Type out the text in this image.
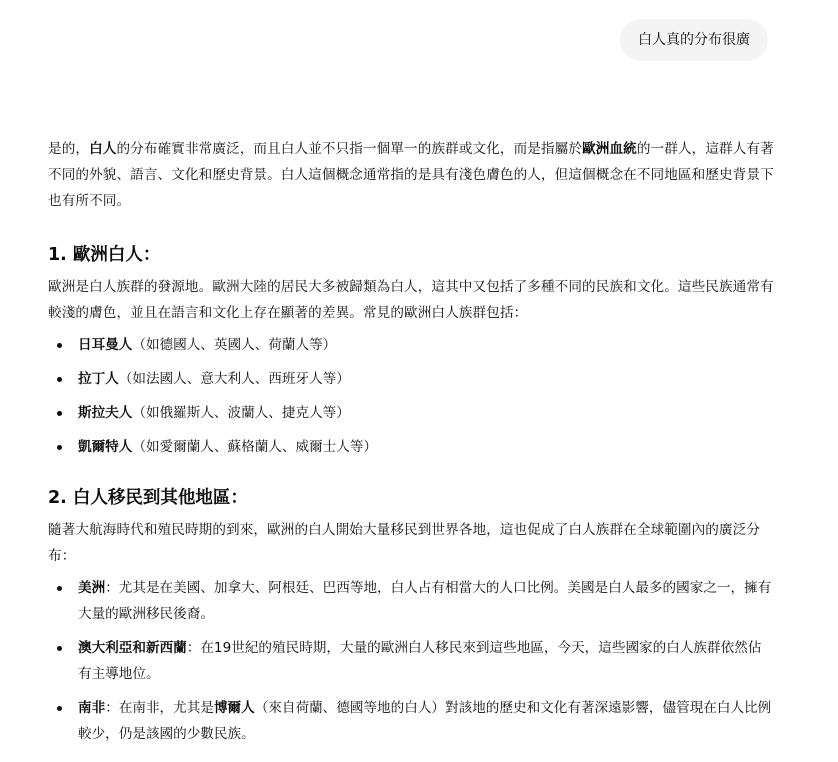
白人真的分布很廣

是的，白人的分布確實非常廣泛，而且白人並不只指一個單一的族群或文化，而是指屬於歐洲血統的一群人，這群人有著不同的外貌、語言、文化和歷史背景。白人這個概念通常指的是具有淺色膚色的人，但這個概念在不同地區和歷史背景下也有所不同。

1. 歐洲白人：

歐洲是白人族群的發源地。歐洲大陸的居民大多被歸類為白人，這其中又包括了多種不同的民族和文化。這些民族通常有較淺的膚色，並且在語言和文化上存在顯著的差異。常見的歐洲白人族群包括：

日耳曼人（如德國人、英國人、荷蘭人等）
拉丁人（如法國人、意大利人、西班牙人等）
斯拉夫人（如俄羅斯人、波蘭人、捷克人等）
凱爾特人（如愛爾蘭人、蘇格蘭人、威爾士人等）
2. 白人移民到其他地區：

隨著大航海時代和殖民時期的到來，歐洲的白人開始大量移民到世界各地，這也促成了白人族群在全球範圍內的廣泛分布：

美洲：尤其是在美國、加拿大、阿根廷、巴西等地，白人占有相當大的人口比例。美國是白人最多的國家之一，擁有大量的歐洲移民後裔。
澳大利亞和新西蘭：在19世紀的殖民時期，大量的歐洲白人移民來到這些地區，今天，這些國家的白人族群依然佔有主導地位。
南非：在南非，尤其是博爾人（來自荷蘭、德國等地的白人）對該地的歷史和文化有著深遠影響，儘管現在白人比例較少，仍是該國的少數民族。
